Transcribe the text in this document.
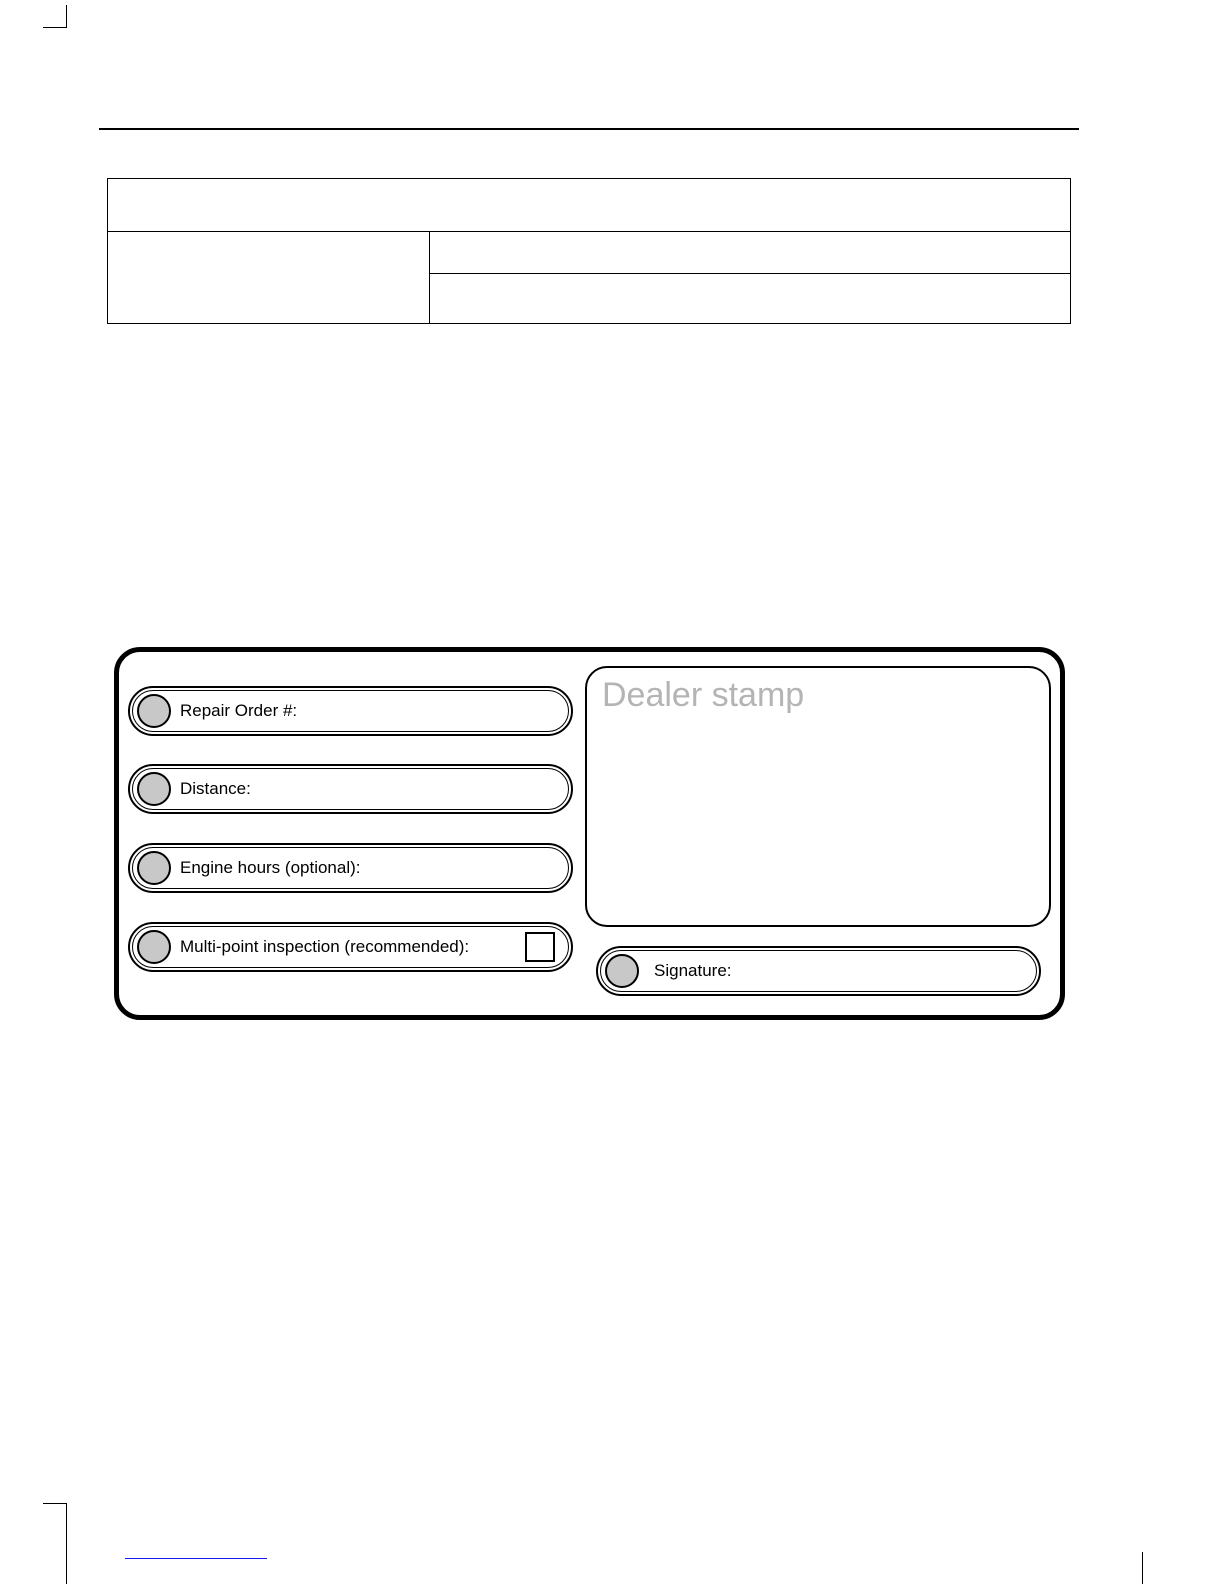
Repair Order #:
Distance:
Engine hours (optional):
Multi-point inspection (recommended):
Dealer stamp
Signature:
